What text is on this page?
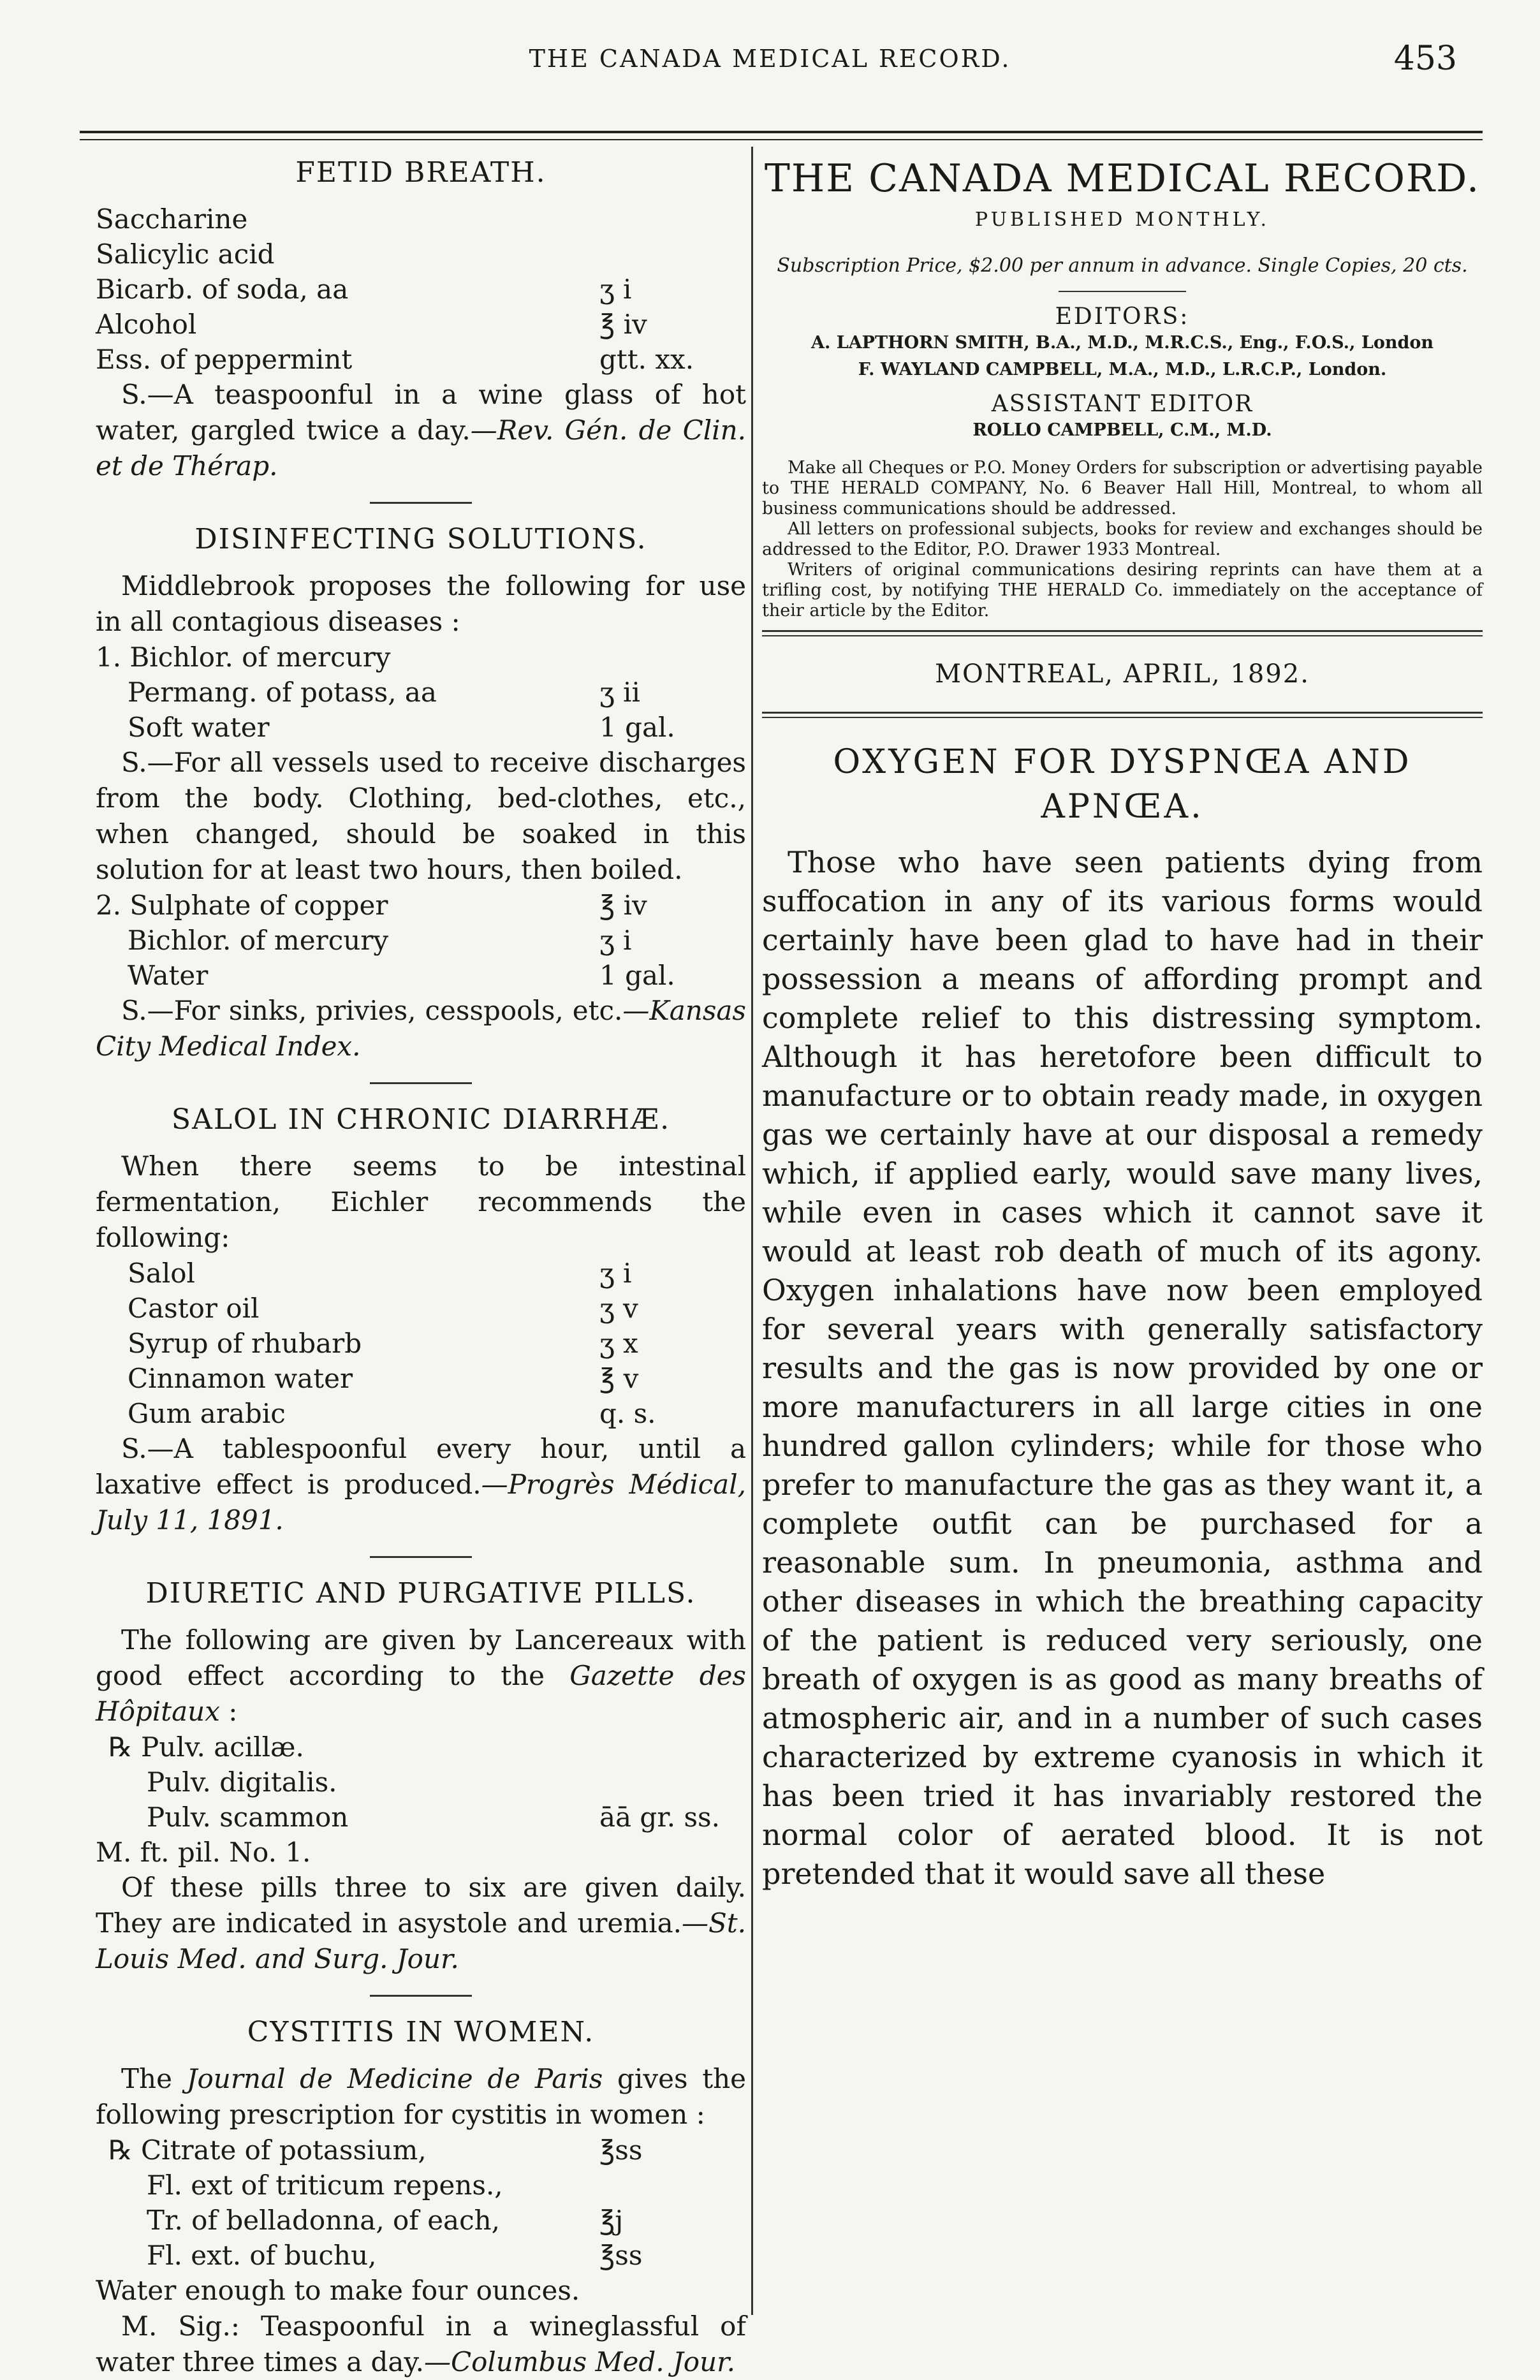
THE CANADA MEDICAL RECORD.	453
FETID BREATH.
Saccharine
Salicylic acid
Bicarb. of soda, aa	ʒ i
Alcohol	℥ iv
Ess. of peppermint	gtt. xx.

S.—A teaspoonful in a wine glass of hot water, gargled twice a day.—Rev. Gén. de Clin. et de Thérap.

DISINFECTING SOLUTIONS.

Middlebrook proposes the following for use in all contagious diseases :

1. Bichlor. of mercury
Permang. of potass, aa	ʒ ii
Soft water	1 gal.

S.—For all vessels used to receive discharges from the body. Clothing, bed-clothes, etc., when changed, should be soaked in this solution for at least two hours, then boiled.

2. Sulphate of copper	℥ iv
Bichlor. of mercury	ʒ i
Water	1 gal.

S.—For sinks, privies, cesspools, etc.—Kansas City Medical Index.

SALOL IN CHRONIC DIARRHÆ.

When there seems to be intestinal fermentation, Eichler recommends the following:

Salol	ʒ i
Castor oil	ʒ v
Syrup of rhubarb	ʒ x
Cinnamon water	℥ v
Gum arabic	q. s.

S.—A tablespoonful every hour, until a laxative effect is produced.—Progrès Médical, July 11, 1891.

DIURETIC AND PURGATIVE PILLS.

The following are given by Lancereaux with good effect according to the Gazette des Hôpitaux :

℞ Pulv. acillæ.
Pulv. digitalis.
Pulv. scammon	āā gr. ss.
M. ft. pil. No. 1.

Of these pills three to six are given daily. They are indicated in asystole and uremia.—St. Louis Med. and Surg. Jour.

CYSTITIS IN WOMEN.

The Journal de Medicine de Paris gives the following prescription for cystitis in women :

℞ Citrate of potassium,	℥ss
Fl. ext of triticum repens.,
Tr. of belladonna, of each,	℥j
Fl. ext. of buchu,	℥ss

Water enough to make four ounces.

M. Sig.: Teaspoonful in a wineglassful of water three times a day.—Columbus Med. Jour.

THE CANADA MEDICAL RECORD.
PUBLISHED MONTHLY.
Subscription Price, $2.00 per annum in advance. Single Copies, 20 cts.
EDITORS:
A. LAPTHORN SMITH, B.A., M.D., M.R.C.S., Eng., F.O.S., London
F. WAYLAND CAMPBELL, M.A., M.D., L.R.C.P., London.
ASSISTANT EDITOR
ROLLO CAMPBELL, C.M., M.D.
Make all Cheques or P.O. Money Orders for subscription or advertising payable to THE HERALD COMPANY, No. 6 Beaver Hall Hill, Montreal, to whom all business communications should be addressed.
All letters on professional subjects, books for review and exchanges should be addressed to the Editor, P.O. Drawer 1933 Montreal.
Writers of original communications desiring reprints can have them at a trifling cost, by notifying THE HERALD Co. immediately on the acceptance of their article by the Editor.
MONTREAL, APRIL, 1892.
OXYGEN FOR DYSPNŒA AND
APNŒA.

Those who have seen patients dying from suffocation in any of its various forms would certainly have been glad to have had in their possession a means of affording prompt and complete relief to this distressing symptom. Although it has heretofore been difficult to manufacture or to obtain ready made, in oxygen gas we certainly have at our disposal a remedy which, if applied early, would save many lives, while even in cases which it cannot save it would at least rob death of much of its agony. Oxygen inhalations have now been employed for several years with generally satisfactory results and the gas is now provided by one or more manufacturers in all large cities in one hundred gallon cylinders; while for those who prefer to manufacture the gas as they want it, a complete outfit can be purchased for a reasonable sum. In pneumonia, asthma and other diseases in which the breathing capacity of the patient is reduced very seriously, one breath of oxygen is as good as many breaths of atmospheric air, and in a number of such cases characterized by extreme cyanosis in which it has been tried it has invariably restored the normal color of aerated blood. It is not pretended that it would save all these
